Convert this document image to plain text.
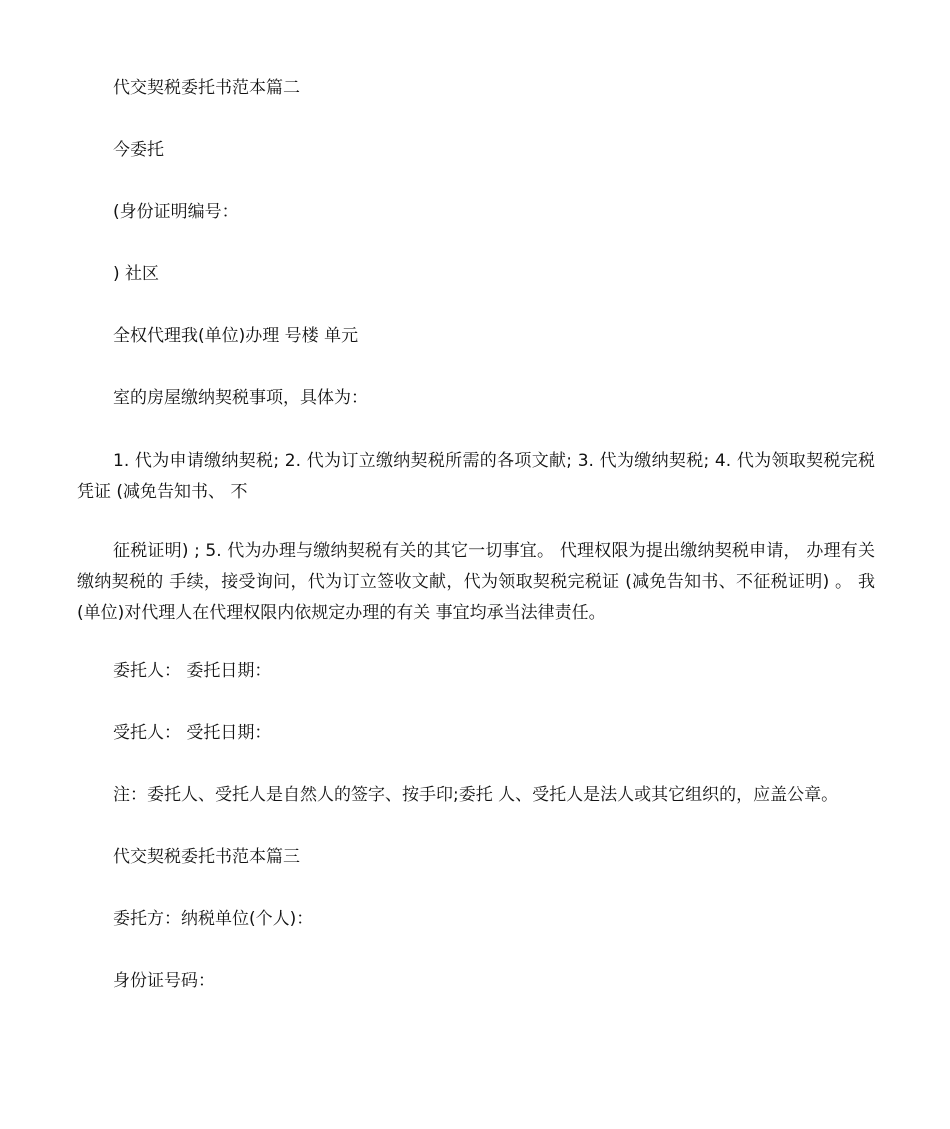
代交契税委托书范本篇二

今委托

(身份证明编号：

) 社区

全权代理我(单位)办理 号楼 单元

室的房屋缴纳契税事项，具体为：

1. 代为申请缴纳契税; 2. 代为订立缴纳契税所需的各项文献; 3. 代为缴纳契税; 4. 代为领取契税完税凭证 (减免告知书、 不

征税证明) ; 5. 代为办理与缴纳契税有关的其它一切事宜。 代理权限为提出缴纳契税申请， 办理有关缴纳契税的 手续，接受询问，代为订立签收文献，代为领取契税完税证 (减免告知书、不征税证明) 。 我(单位)对代理人在代理权限内依规定办理的有关 事宜均承当法律责任。

委托人： 委托日期：

受托人： 受托日期：

注：委托人、受托人是自然人的签字、按手印;委托 人、受托人是法人或其它组织的，应盖公章。

代交契税委托书范本篇三

委托方：纳税单位(个人)：

身份证号码：
